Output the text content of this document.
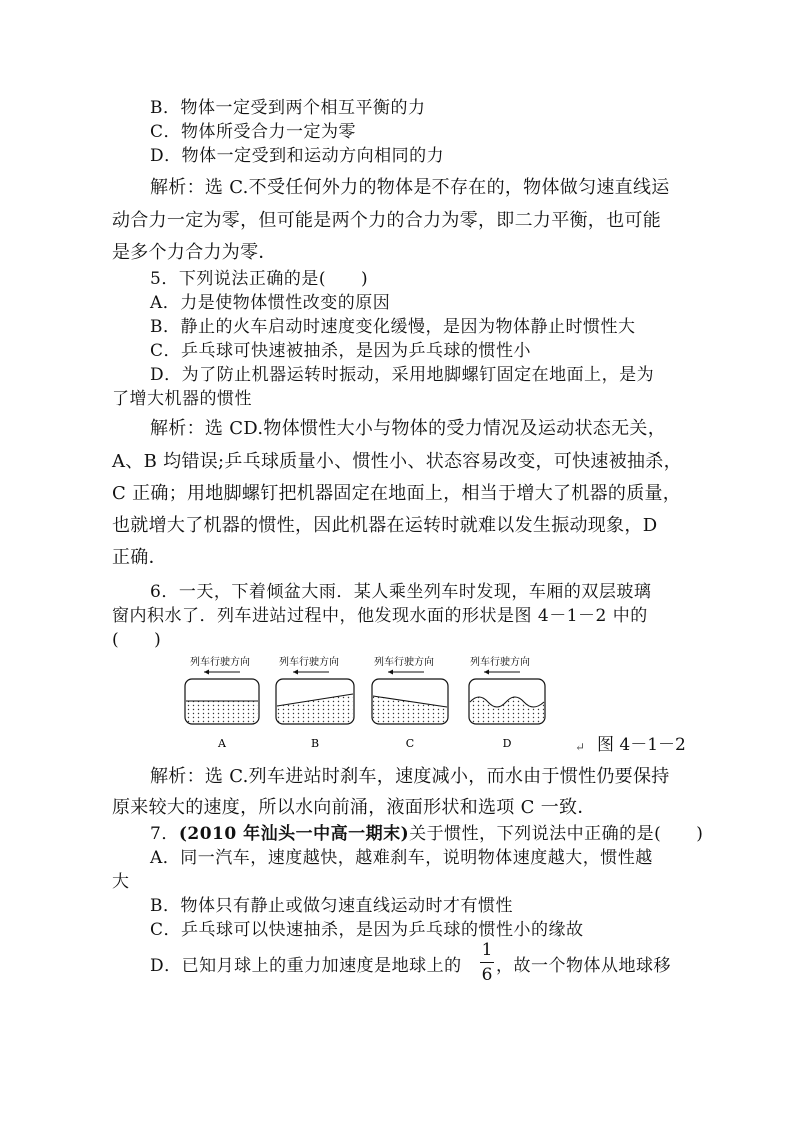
B．物体一定受到两个相互平衡的力
C．物体所受合力一定为零
D．物体一定受到和运动方向相同的力
解析：选 C.不受任何外力的物体是不存在的，物体做匀速直线运
动合力一定为零，但可能是两个力的合力为零，即二力平衡，也可能
是多个力合力为零．
5．下列说法正确的是(　　)
A．力是使物体惯性改变的原因
B．静止的火车启动时速度变化缓慢，是因为物体静止时惯性大
C．乒乓球可快速被抽杀，是因为乒乓球的惯性小
D．为了防止机器运转时振动，采用地脚螺钉固定在地面上，是为
了增大机器的惯性
解析：选 CD.物体惯性大小与物体的受力情况及运动状态无关，
A、B 均错误;乒乓球质量小、惯性小、状态容易改变，可快速被抽杀，
C 正确；用地脚螺钉把机器固定在地面上，相当于增大了机器的质量，
也就增大了机器的惯性，因此机器在运转时就难以发生振动现象，D
正确．
6．一天，下着倾盆大雨．某人乘坐列车时发现，车厢的双层玻璃
窗内积水了．列车进站过程中，他发现水面的形状是图 4－1－2 中的
(　　)
列车行驶方向
A
列车行驶方向
B
列车行驶方向
C
列车行驶方向
D	↵ 图 4－1－2
解析：选 C.列车进站时刹车，速度减小，而水由于惯性仍要保持
原来较大的速度，所以水向前涌，液面形状和选项 C 一致．
7．(2010 年汕头一中高一期末)关于惯性，下列说法中正确的是(　　)
A．同一汽车，速度越快，越难刹车，说明物体速度越大，惯性越
大
B．物体只有静止或做匀速直线运动时才有惯性
C．乒乓球可以快速抽杀，是因为乒乓球的惯性小的缘故
D．已知月球上的重力加速度是地球上的
1
6 ，故一个物体从地球移
